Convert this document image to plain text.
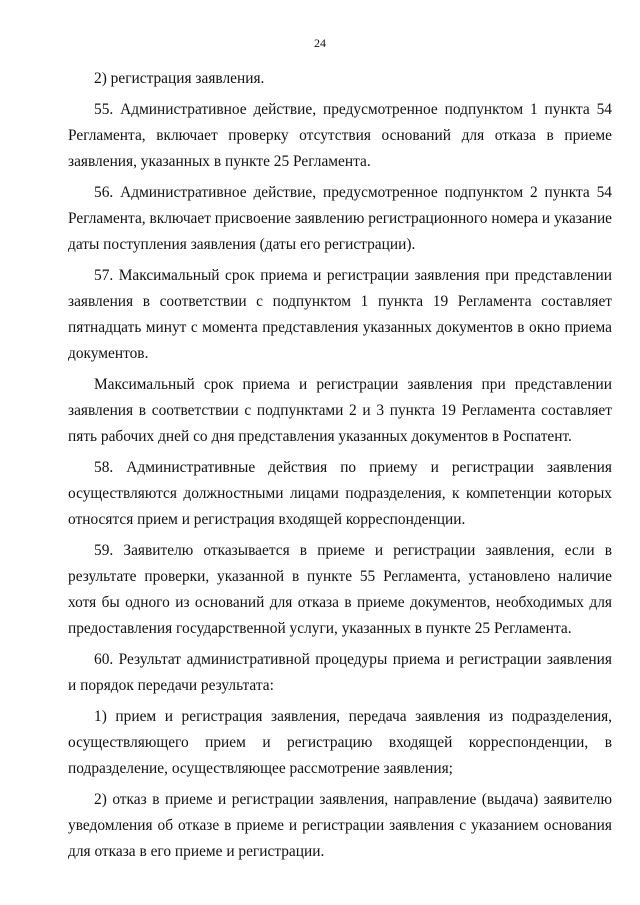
24

2) регистрация заявления.

55. Административное действие, предусмотренное подпунктом 1 пункта 54 Регламента, включает проверку отсутствия оснований для отказа в приеме заявления, указанных в пункте 25 Регламента.

56. Административное действие, предусмотренное подпунктом 2 пункта 54 Регламента, включает присвоение заявлению регистрационного номера и указание даты поступления заявления (даты его регистрации).

57. Максимальный срок приема и регистрации заявления при представлении заявления в соответствии с подпунктом 1 пункта 19 Регламента составляет пятнадцать минут с момента представления указанных документов в окно приема документов.

Максимальный срок приема и регистрации заявления при представлении заявления в соответствии с подпунктами 2 и 3 пункта 19 Регламента составляет пять рабочих дней со дня представления указанных документов в Роспатент.

58. Административные действия по приему и регистрации заявления осуществляются должностными лицами подразделения, к компетенции которых относятся прием и регистрация входящей корреспонденции.

59. Заявителю отказывается в приеме и регистрации заявления, если в результате проверки, указанной в пункте 55 Регламента, установлено наличие хотя бы одного из оснований для отказа в приеме документов, необходимых для предоставления государственной услуги, указанных в пункте 25 Регламента.

60. Результат административной процедуры приема и регистрации заявления и порядок передачи результата:

1) прием и регистрация заявления, передача заявления из подразделения, осуществляющего прием и регистрацию входящей корреспонденции, в подразделение, осуществляющее рассмотрение заявления;

2) отказ в приеме и регистрации заявления, направление (выдача) заявителю уведомления об отказе в приеме и регистрации заявления с указанием основания для отказа в его приеме и регистрации.
